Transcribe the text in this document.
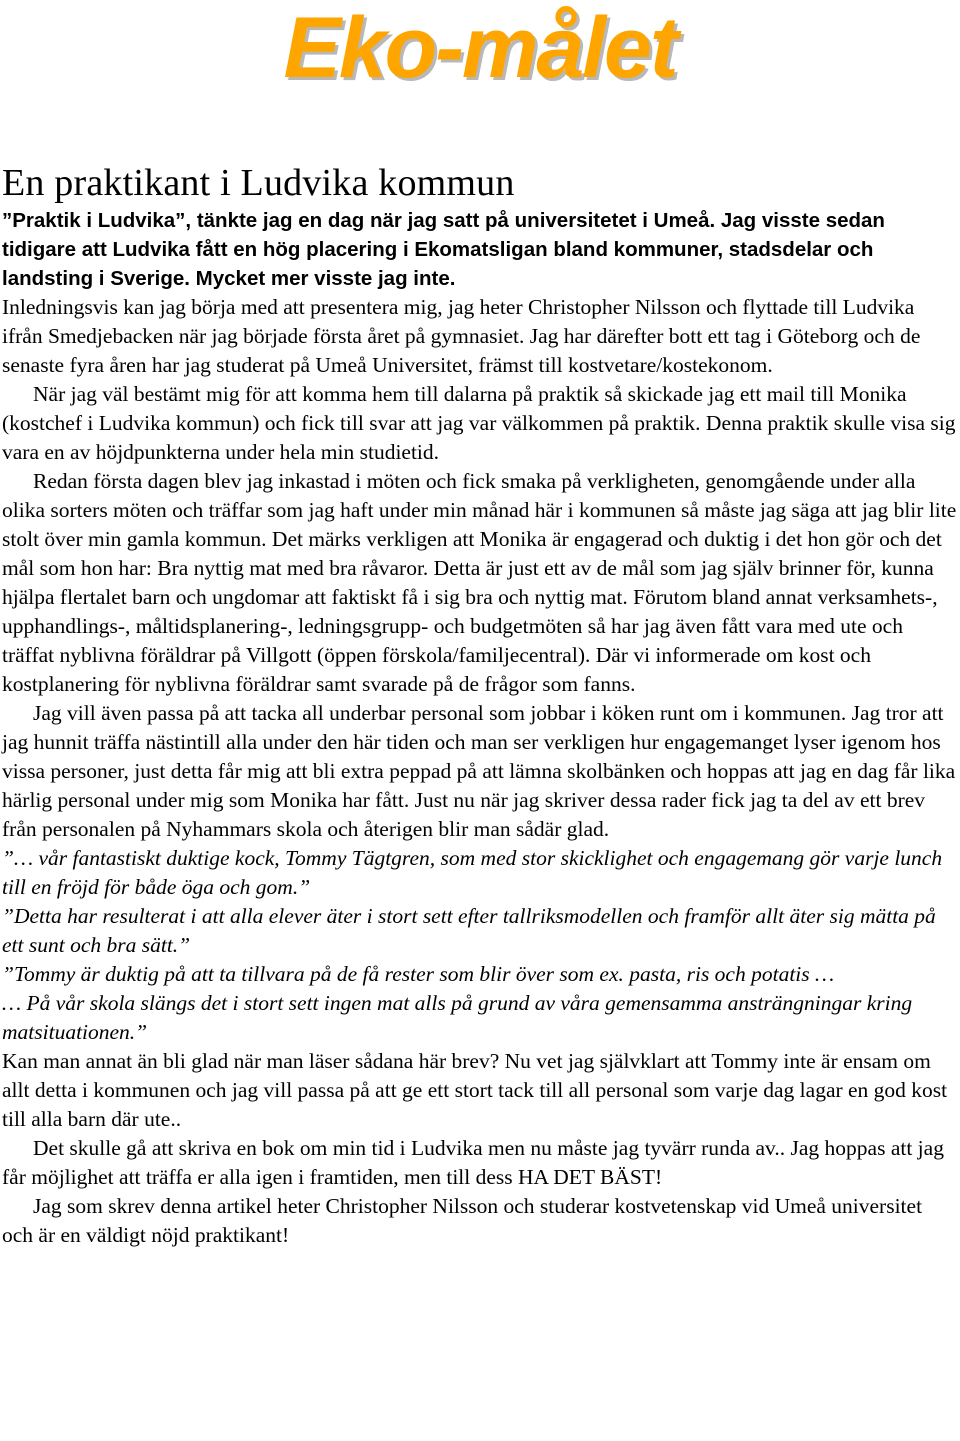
Eko-målet
En praktikant i Ludvika kommun

”Praktik i Ludvika”, tänkte jag en dag när jag satt på universitetet i Umeå. Jag visste sedan tidigare att Ludvika fått en hög placering i Ekomatsligan bland kommuner, stadsdelar och landsting i Sverige. Mycket mer visste jag inte.

Inledningsvis kan jag börja med att presentera mig, jag heter Christopher Nilsson och flyttade till Ludvika ifrån Smedjebacken när jag började första året på gymnasiet. Jag har därefter bott ett tag i Göteborg och de senaste fyra åren har jag studerat på Umeå Universitet, främst till kostvetare/kostekonom.

När jag väl bestämt mig för att komma hem till dalarna på praktik så skickade jag ett mail till Monika (kostchef i Ludvika kommun) och fick till svar att jag var välkommen på praktik. Denna praktik skulle visa sig vara en av höjdpunkterna under hela min studietid.

Redan första dagen blev jag inkastad i möten och fick smaka på verkligheten, genomgående under alla olika sorters möten och träffar som jag haft under min månad här i kommunen så måste jag säga att jag blir lite stolt över min gamla kommun. Det märks verkligen att Monika är engagerad och duktig i det hon gör och det mål som hon har: Bra nyttig mat med bra råvaror. Detta är just ett av de mål som jag själv brinner för, kunna hjälpa flertalet barn och ungdomar att faktiskt få i sig bra och nyttig mat. Förutom bland annat verksamhets-, upphandlings-, måltidsplanering-, ledningsgrupp- och budgetmöten så har jag även fått vara med ute och träffat nyblivna föräldrar på Villgott (öppen förskola/familjecentral). Där vi informerade om kost och kostplanering för nyblivna föräldrar samt svarade på de frågor som fanns.

Jag vill även passa på att tacka all underbar personal som jobbar i köken runt om i kommunen. Jag tror att jag hunnit träffa nästintill alla under den här tiden och man ser verkligen hur engagemanget lyser igenom hos vissa personer, just detta får mig att bli extra peppad på att lämna skolbänken och hoppas att jag en dag får lika härlig personal under mig som Monika har fått. Just nu när jag skriver dessa rader fick jag ta del av ett brev från personalen på Nyhammars skola och återigen blir man sådär glad.

”… vår fantastiskt duktige kock, Tommy Tägtgren, som med stor skicklighet och engagemang gör varje lunch till en fröjd för både öga och gom.”

”Detta har resulterat i att alla elever äter i stort sett efter tallriksmodellen och framför allt äter sig mätta på ett sunt och bra sätt.”

”Tommy är duktig på att ta tillvara på de få rester som blir över som ex. pasta, ris och potatis …

… På vår skola slängs det i stort sett ingen mat alls på grund av våra gemensamma ansträngningar kring matsituationen.”

Kan man annat än bli glad när man läser sådana här brev? Nu vet jag självklart att Tommy inte är ensam om allt detta i kommunen och jag vill passa på att ge ett stort tack till all personal som varje dag lagar en god kost till alla barn där ute..

Det skulle gå att skriva en bok om min tid i Ludvika men nu måste jag tyvärr runda av.. Jag hoppas att jag får möjlighet att träffa er alla igen i framtiden, men till dess HA DET BÄST!

Jag som skrev denna artikel heter Christopher Nilsson och studerar kostvetenskap vid Umeå universitet och är en väldigt nöjd praktikant!
